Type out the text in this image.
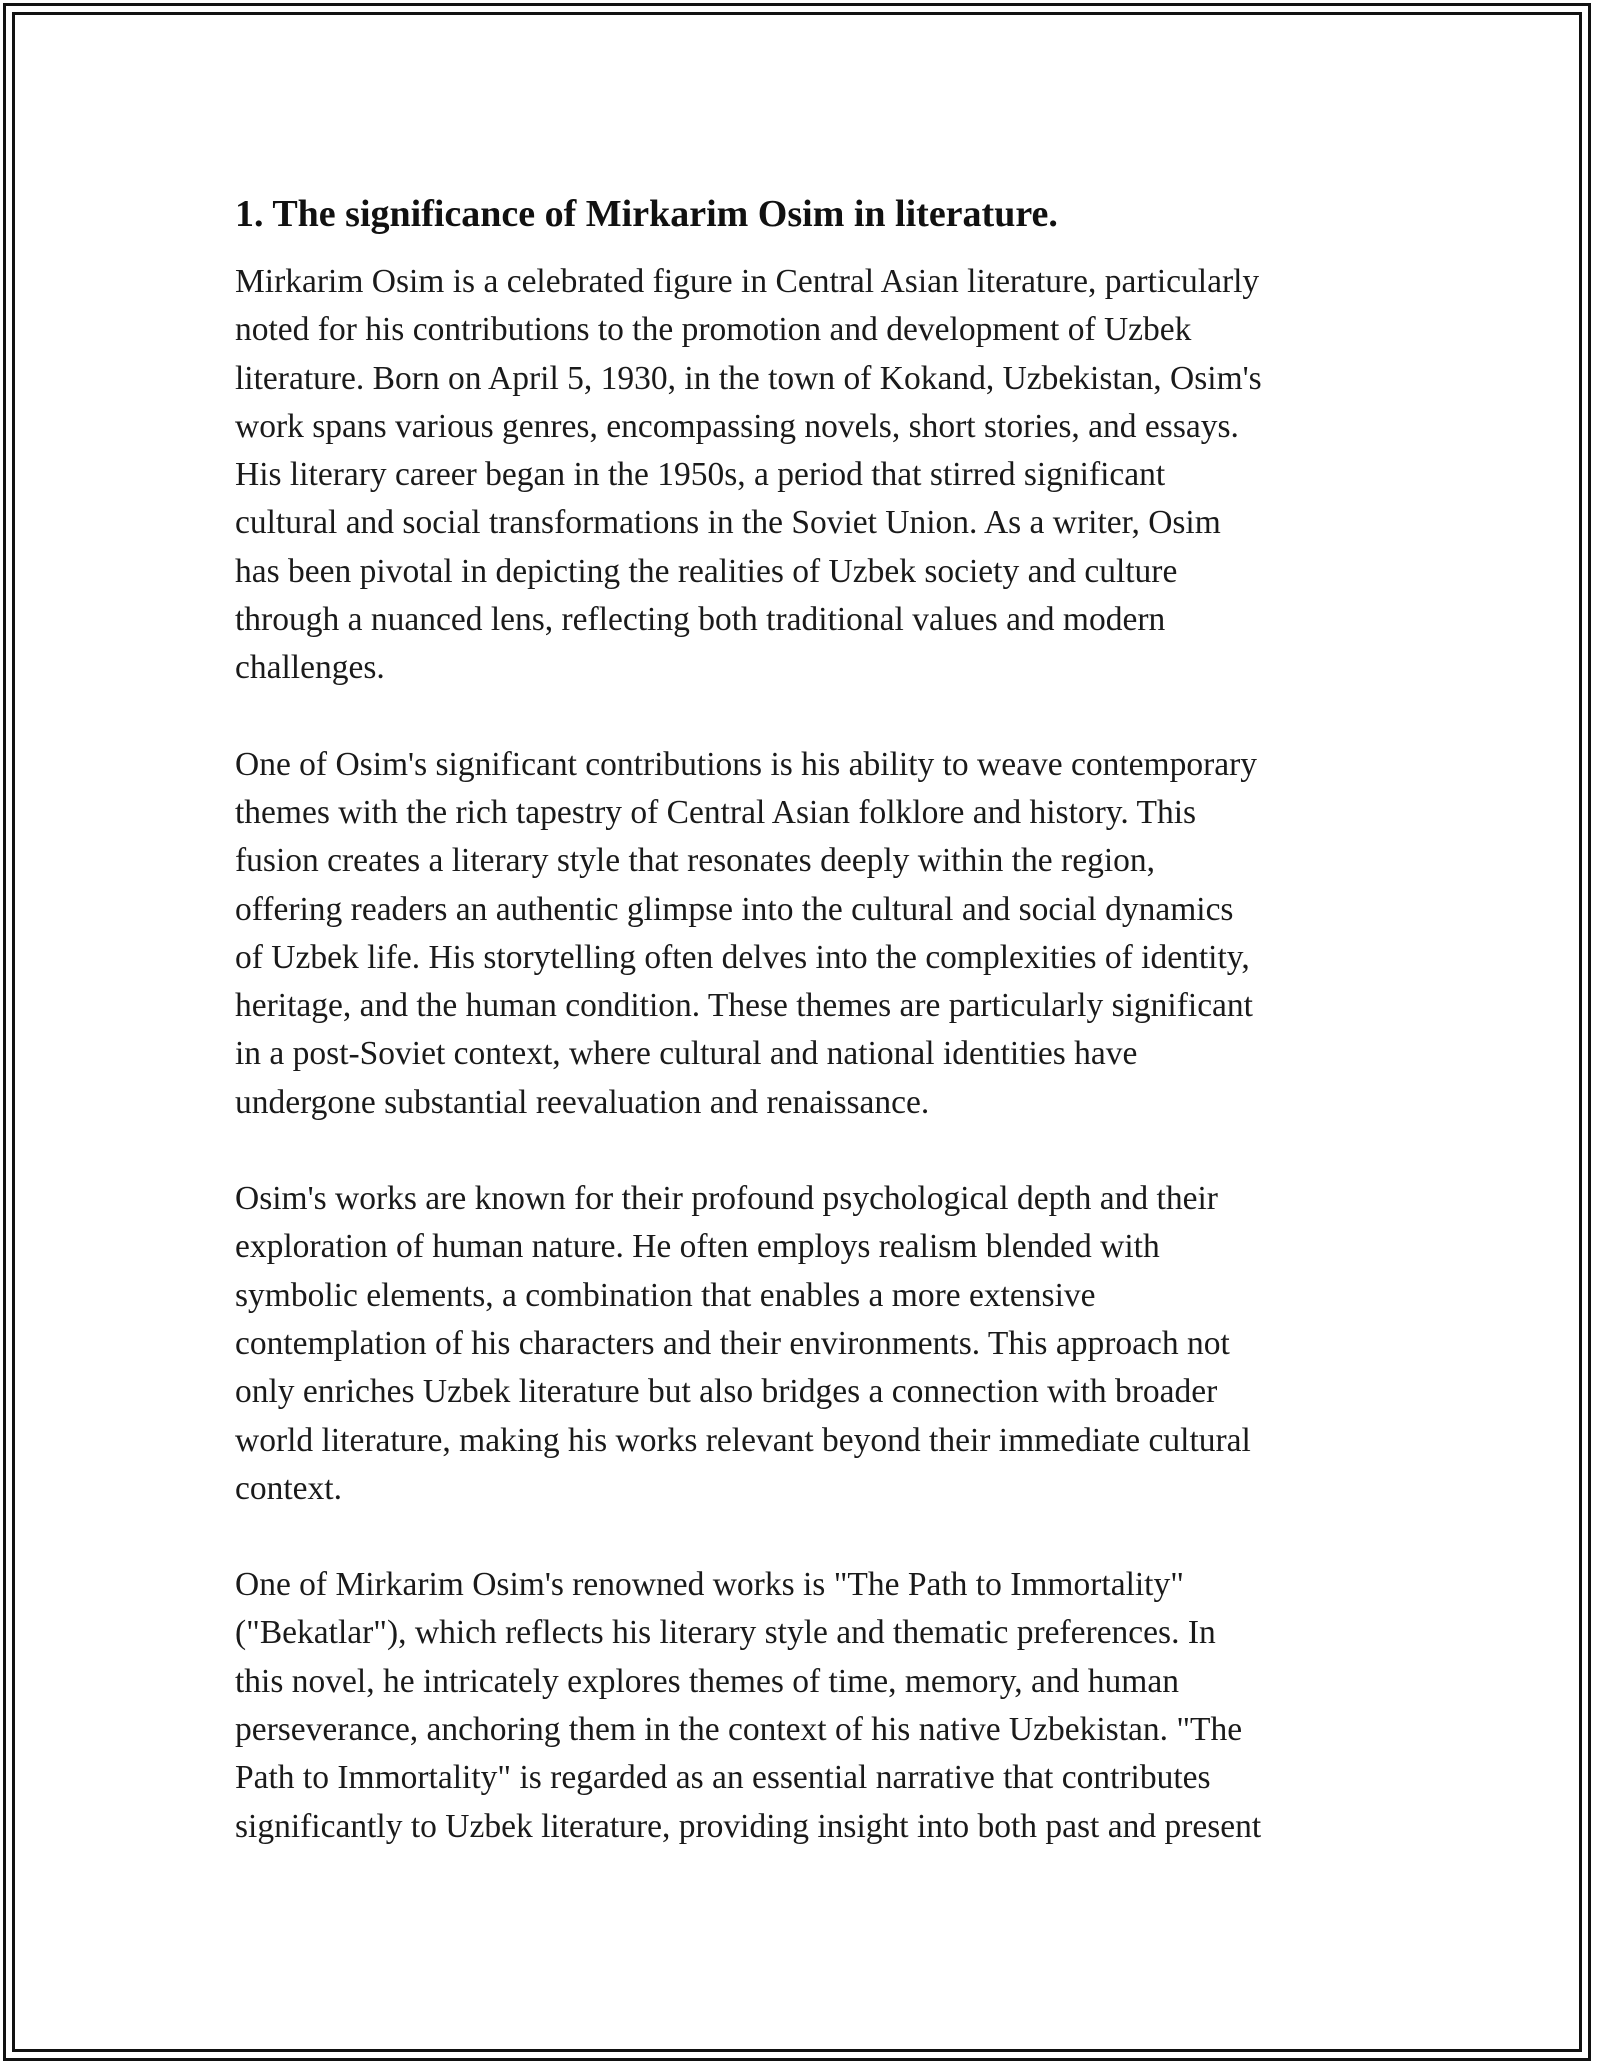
1. The significance of Mirkarim Osim in literature.

Mirkarim Osim is a celebrated figure in Central Asian literature, particularly
noted for his contributions to the promotion and development of Uzbek
literature. Born on April 5, 1930, in the town of Kokand, Uzbekistan, Osim's
work spans various genres, encompassing novels, short stories, and essays.
His literary career began in the 1950s, a period that stirred significant
cultural and social transformations in the Soviet Union. As a writer, Osim
has been pivotal in depicting the realities of Uzbek society and culture
through a nuanced lens, reflecting both traditional values and modern
challenges.

One of Osim's significant contributions is his ability to weave contemporary
themes with the rich tapestry of Central Asian folklore and history. This
fusion creates a literary style that resonates deeply within the region,
offering readers an authentic glimpse into the cultural and social dynamics
of Uzbek life. His storytelling often delves into the complexities of identity,
heritage, and the human condition. These themes are particularly significant
in a post-Soviet context, where cultural and national identities have
undergone substantial reevaluation and renaissance.

Osim's works are known for their profound psychological depth and their
exploration of human nature. He often employs realism blended with
symbolic elements, a combination that enables a more extensive
contemplation of his characters and their environments. This approach not
only enriches Uzbek literature but also bridges a connection with broader
world literature, making his works relevant beyond their immediate cultural
context.

One of Mirkarim Osim's renowned works is "The Path to Immortality"
("Bekatlar"), which reflects his literary style and thematic preferences. In
this novel, he intricately explores themes of time, memory, and human
perseverance, anchoring them in the context of his native Uzbekistan. "The
Path to Immortality" is regarded as an essential narrative that contributes
significantly to Uzbek literature, providing insight into both past and present
